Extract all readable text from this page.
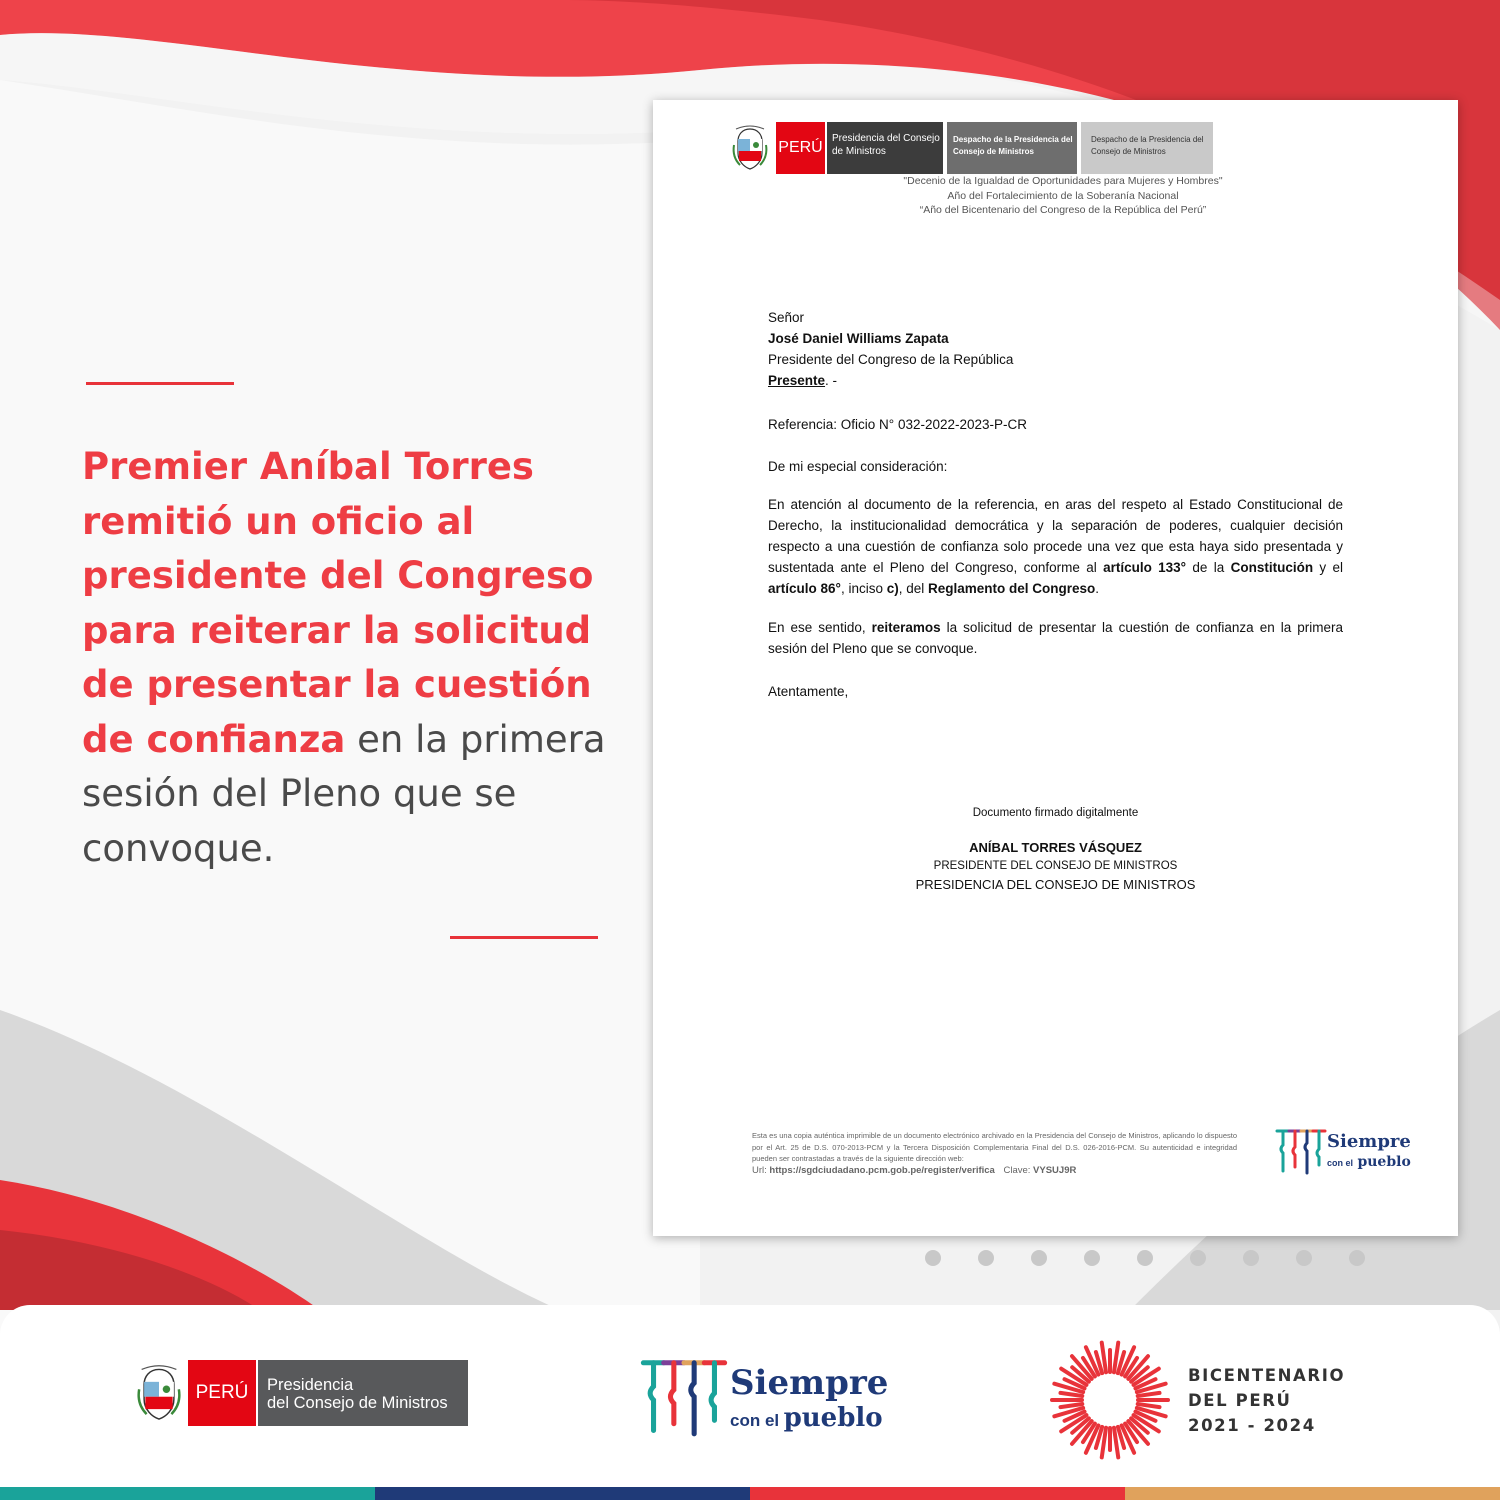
Premier Aníbal Torres remitió un oficio al presidente del Congreso para reiterar la solicitud de presentar la cuestión de confianza en la primera sesión del Pleno que se convoque.
PERÚ
Presidencia del Consejo de Ministros
Despacho de la Presidencia del Consejo de Ministros
Despacho de la Presidencia del Consejo de Ministros
"Decenio de la Igualdad de Oportunidades para Mujeres y Hombres"
Año del Fortalecimiento de la Soberanía Nacional
“Año del Bicentenario del Congreso de la República del Perú”
Señor
José Daniel Williams Zapata
Presidente del Congreso de la República
Presente. -
Referencia: Oficio N° 032-2022-2023-P-CR
De mi especial consideración:
En atención al documento de la referencia, en aras del respeto al Estado Constitucional de Derecho, la institucionalidad democrática y la separación de poderes, cualquier decisión respecto a una cuestión de confianza solo procede una vez que esta haya sido presentada y sustentada ante el Pleno del Congreso, conforme al artículo 133° de la Constitución y el artículo 86°, inciso c), del Reglamento del Congreso.
En ese sentido, reiteramos la solicitud de presentar la cuestión de confianza en la primera sesión del Pleno que se convoque.
Atentamente,
Documento firmado digitalmente
ANÍBAL TORRES VÁSQUEZ
PRESIDENTE DEL CONSEJO DE MINISTROS
PRESIDENCIA DEL CONSEJO DE MINISTROS
Esta es una copia auténtica imprimible de un documento electrónico archivado en la Presidencia del Consejo de Ministros, aplicando lo dispuesto por el Art. 25 de D.S. 070-2013-PCM y la Tercera Disposición Complementaria Final del D.S. 026-2016-PCM. Su autenticidad e integridad pueden ser contrastadas a través de la siguiente dirección web:
Url: https://sgdciudadano.pcm.gob.pe/register/verifica Clave: VYSUJ9R
Siempre
con el pueblo
PERÚ	Presidencia
del Consejo de Ministros	Siempre
con el pueblo
BICENTENARIO
DEL PERÚ
2021 - 2024
